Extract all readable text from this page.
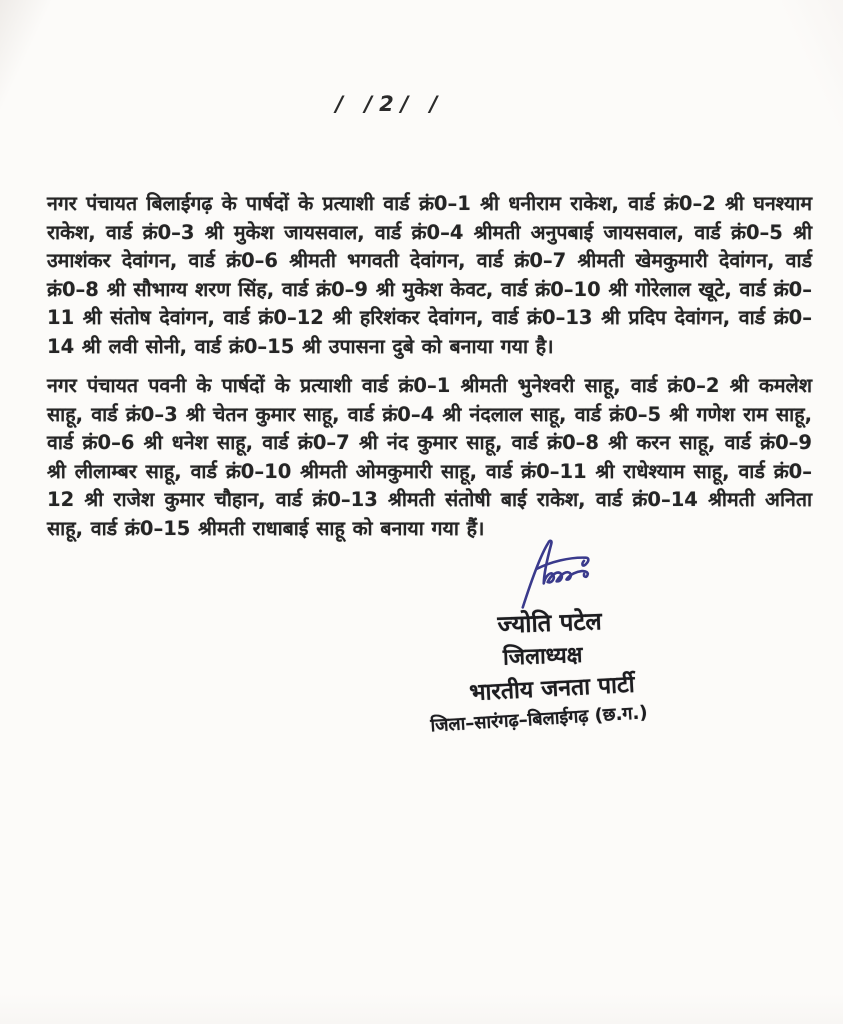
/ /2/ /
नगर पंचायत बिलाईगढ़ के पार्षदों के प्रत्याशी वार्ड क्रं0–1 श्री धनीराम राकेश, वार्ड क्रं0–2 श्री घनश्याम राकेश, वार्ड क्रं0–3 श्री मुकेश जायसवाल, वार्ड क्रं0–4 श्रीमती अनुपबाई जायसवाल, वार्ड क्रं0–5 श्री उमाशंकर देवांगन, वार्ड क्रं0–6 श्रीमती भगवती देवांगन, वार्ड क्रं0–7 श्रीमती खेमकुमारी देवांगन, वार्ड क्रं0–8 श्री सौभाग्य शरण सिंह, वार्ड क्रं0–9 श्री मुकेश केवट, वार्ड क्रं0–10 श्री गोरेलाल खूटे, वार्ड क्रं0–11 श्री संतोष देवांगन, वार्ड क्रं0–12 श्री हरिशंकर देवांगन, वार्ड क्रं0–13 श्री प्रदिप देवांगन, वार्ड क्रं0–14 श्री लवी सोनी, वार्ड क्रं0–15 श्री उपासना दुबे को बनाया गया है।
नगर पंचायत पवनी के पार्षदों के प्रत्याशी वार्ड क्रं0–1 श्रीमती भुनेश्वरी साहू, वार्ड क्रं0–2 श्री कमलेश साहू, वार्ड क्रं0–3 श्री चेतन कुमार साहू, वार्ड क्रं0–4 श्री नंदलाल साहू, वार्ड क्रं0–5 श्री गणेश राम साहू, वार्ड क्रं0–6 श्री धनेश साहू, वार्ड क्रं0–7 श्री नंद कुमार साहू, वार्ड क्रं0–8 श्री करन साहू, वार्ड क्रं0–9 श्री लीलाम्बर साहू, वार्ड क्रं0–10 श्रीमती ओमकुमारी साहू, वार्ड क्रं0–11 श्री राधेश्याम साहू, वार्ड क्रं0–12 श्री राजेश कुमार चौहान, वार्ड क्रं0–13 श्रीमती संतोषी बाई राकेश, वार्ड क्रं0–14 श्रीमती अनिता साहू, वार्ड क्रं0–15 श्रीमती राधाबाई साहू को बनाया गया हैं।
ज्योति पटेल
जिलाध्यक्ष
भारतीय जनता पार्टी
जिला–सारंगढ़–बिलाईगढ़ (छ.ग.)
